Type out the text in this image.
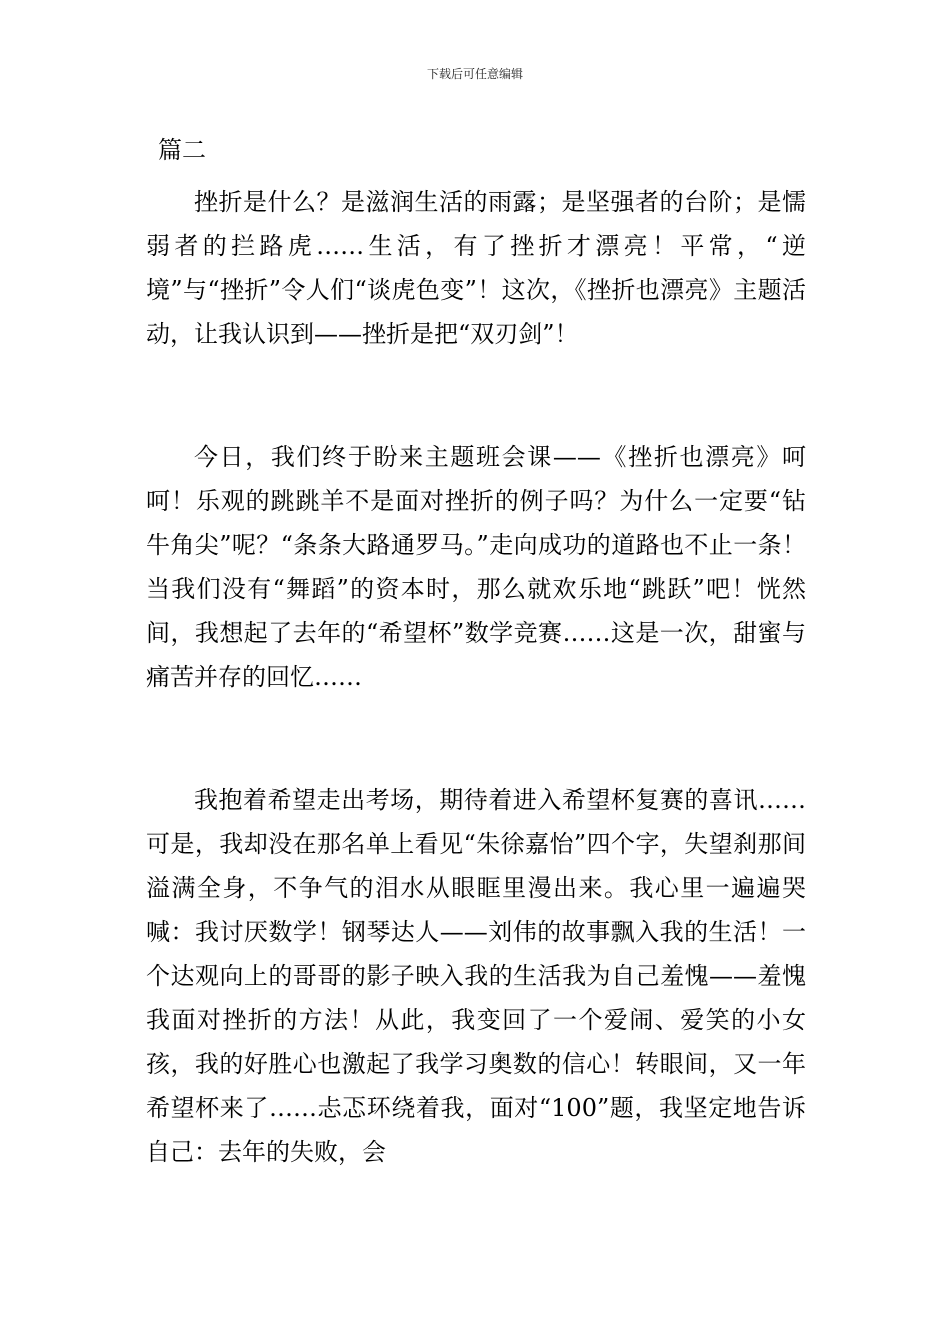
下载后可任意编辑
篇二

挫折是什么？是滋润生活的雨露；是坚强者的台阶；是懦弱者的拦路虎……生活，有了挫折才漂亮！平常，“逆境”与“挫折”令人们“谈虎色变”！这次，《挫折也漂亮》主题活动，让我认识到——挫折是把“双刃剑”！

今日，我们终于盼来主题班会课——《挫折也漂亮》呵呵！乐观的跳跳羊不是面对挫折的例子吗？为什么一定要“钻牛角尖”呢？“条条大路通罗马。”走向成功的道路也不止一条！当我们没有“舞蹈”的资本时，那么就欢乐地“跳跃”吧！恍然间，我想起了去年的“希望杯”数学竞赛……这是一次，甜蜜与痛苦并存的回忆……

我抱着希望走出考场，期待着进入希望杯复赛的喜讯……可是，我却没在那名单上看见“朱徐嘉怡”四个字，失望刹那间溢满全身，不争气的泪水从眼眶里漫出来。我心里一遍遍哭喊：我讨厌数学！钢琴达人——刘伟的故事飘入我的生活！一个达观向上的哥哥的影子映入我的生活我为自己羞愧——羞愧我面对挫折的方法！从此，我变回了一个爱闹、爱笑的小女孩，我的好胜心也激起了我学习奥数的信心！转眼间，又一年希望杯来了……忐忑环绕着我，面对“100”题，我坚定地告诉自己：去年的失败，会
